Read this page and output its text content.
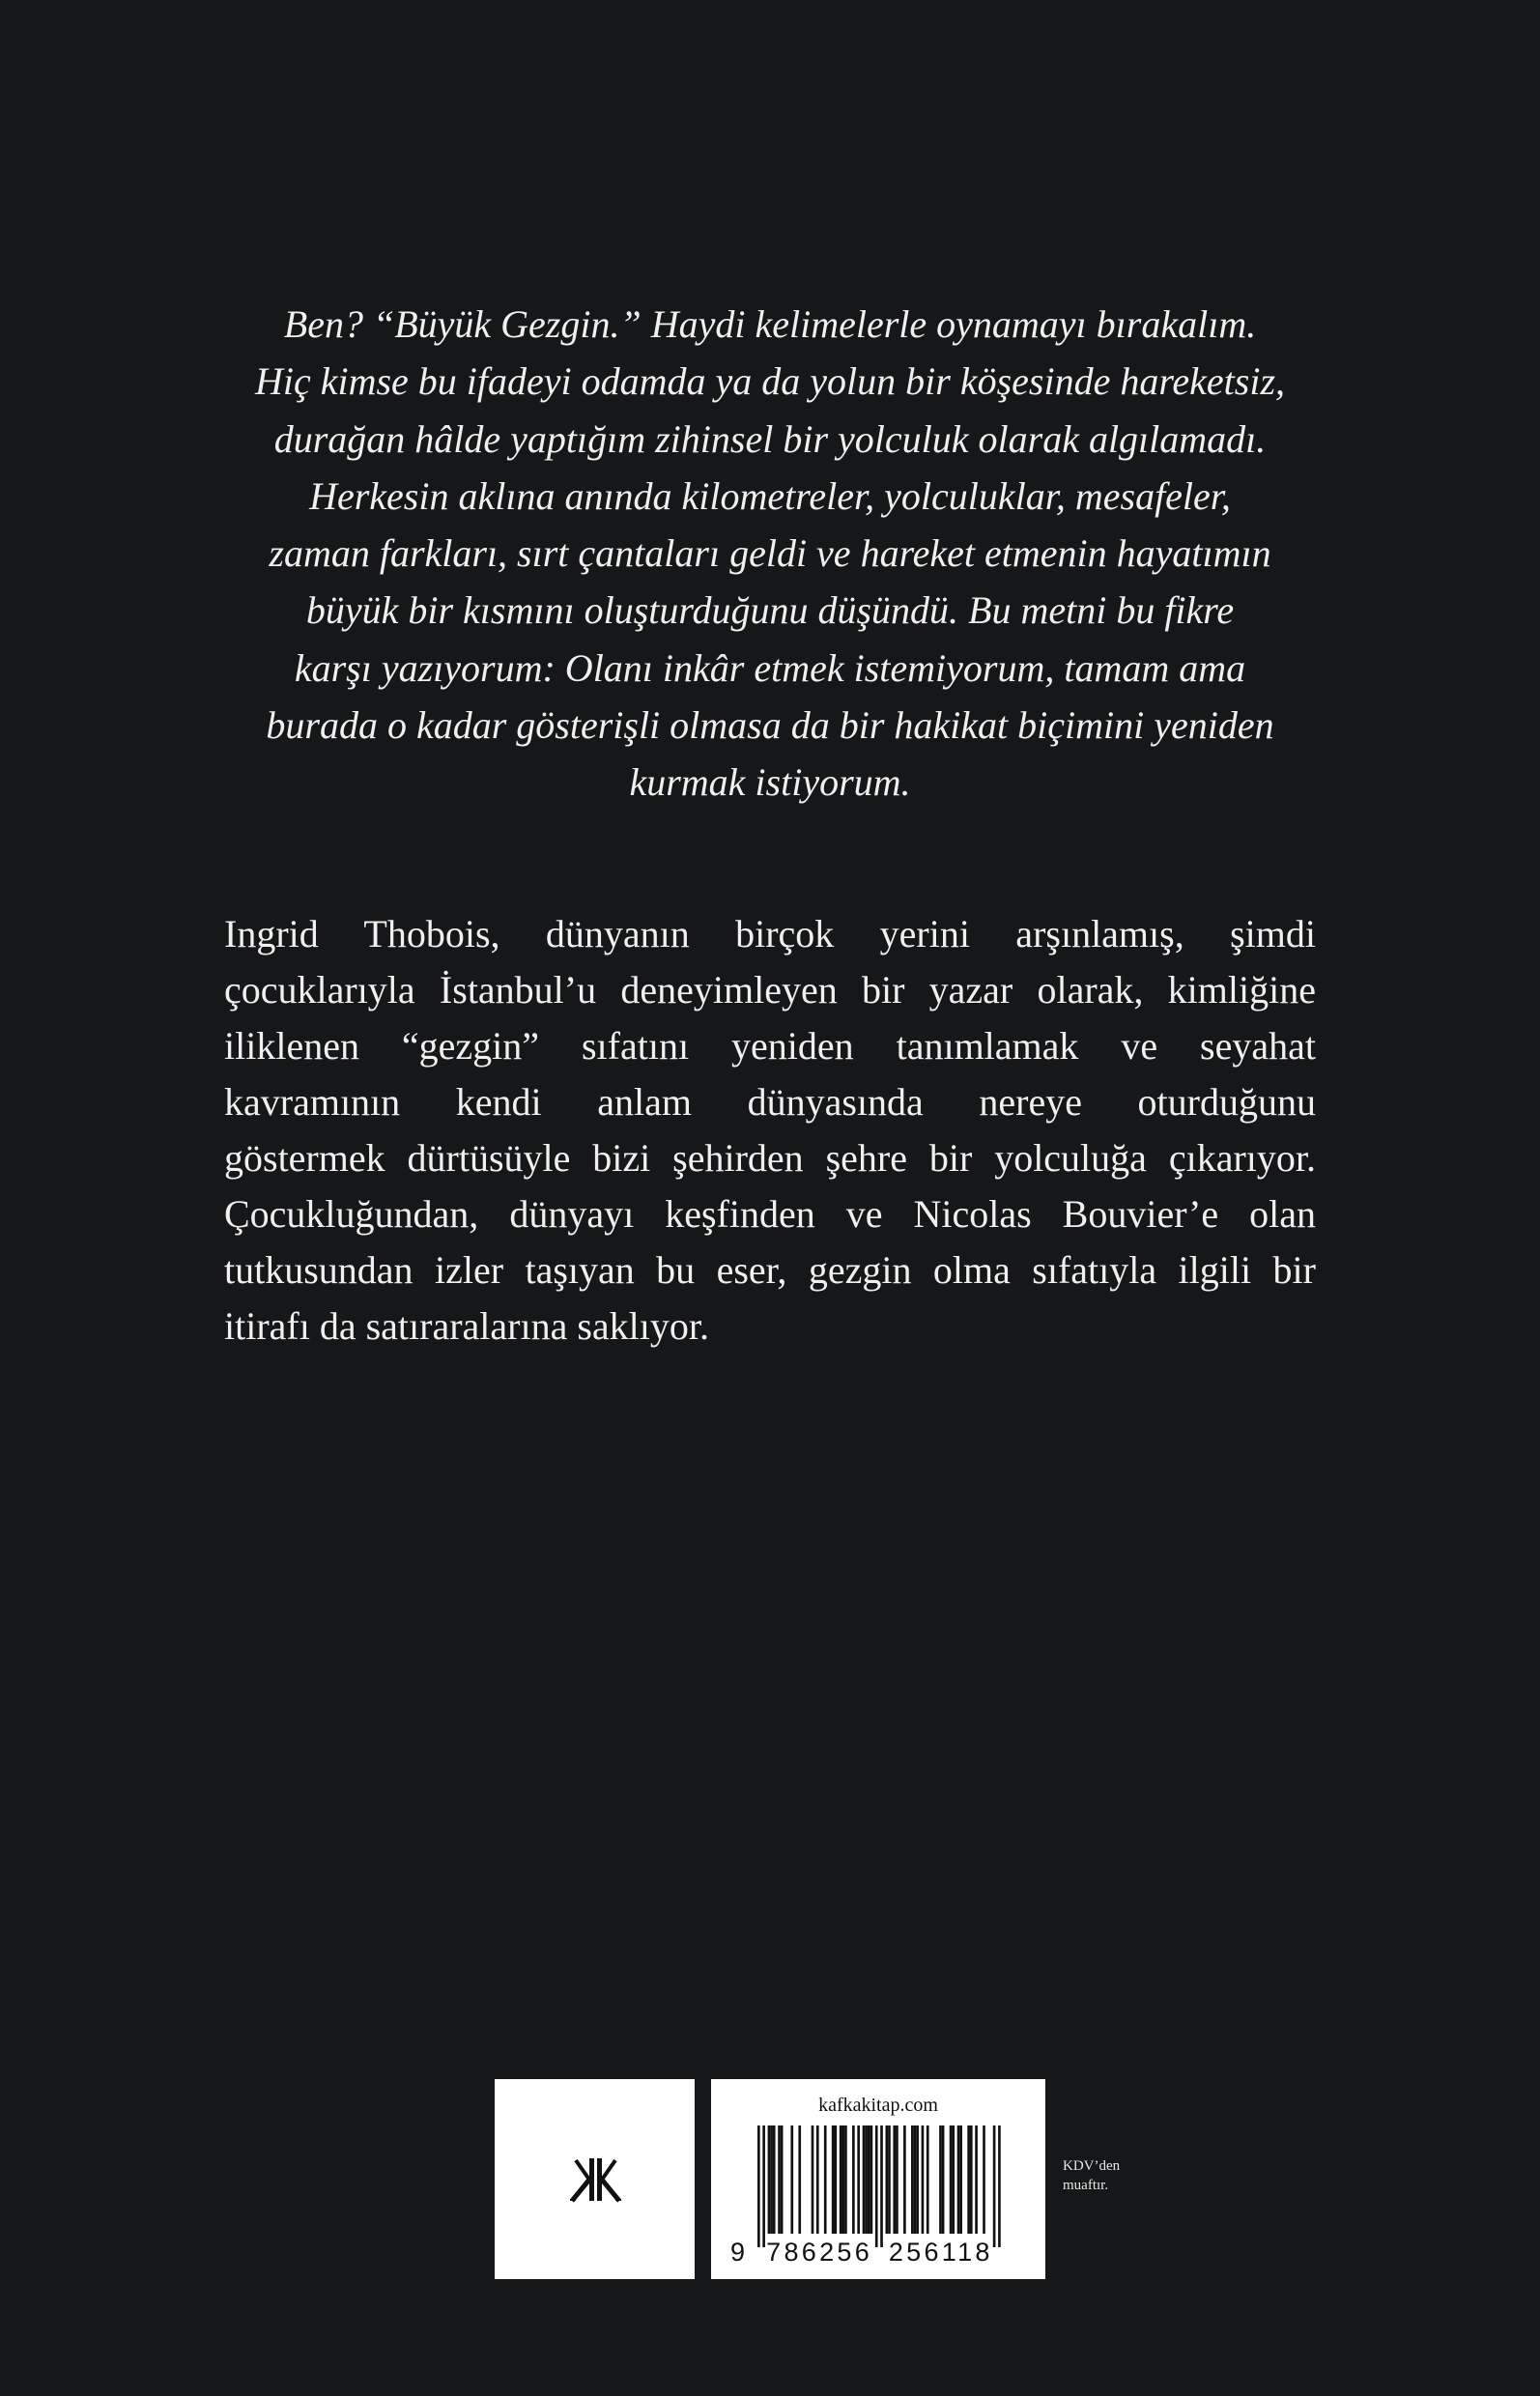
Ben? “Büyük Gezgin.” Haydi kelimelerle oynamayı bırakalım.
Hiç kimse bu ifadeyi odamda ya da yolun bir köşesinde hareketsiz,
durağan hâlde yaptığım zihinsel bir yolculuk olarak algılamadı.
Herkesin aklına anında kilometreler, yolculuklar, mesafeler,
zaman farkları, sırt çantaları geldi ve hareket etmenin hayatımın
büyük bir kısmını oluşturduğunu düşündü. Bu metni bu fikre
karşı yazıyorum: Olanı inkâr etmek istemiyorum, tamam ama
burada o kadar gösterişli olmasa da bir hakikat biçimini yeniden
kurmak istiyorum.
Ingrid Thobois, dünyanın birçok yerini arşınlamış, şimdi
çocuklarıyla İstanbul’u deneyimleyen bir yazar olarak, kimliğine
iliklenen “gezgin” sıfatını yeniden tanımlamak ve seyahat
kavramının kendi anlam dünyasında nereye oturduğunu
göstermek dürtüsüyle bizi şehirden şehre bir yolculuğa çıkarıyor.
Çocukluğundan, dünyayı keşfinden ve Nicolas Bouvier’e olan
tutkusundan izler taşıyan bu eser, gezgin olma sıfatıyla ilgili bir
itirafı da satıraralarına saklıyor.
kafkakitap.com
9 786256 256118
KDV’den
muaftır.
